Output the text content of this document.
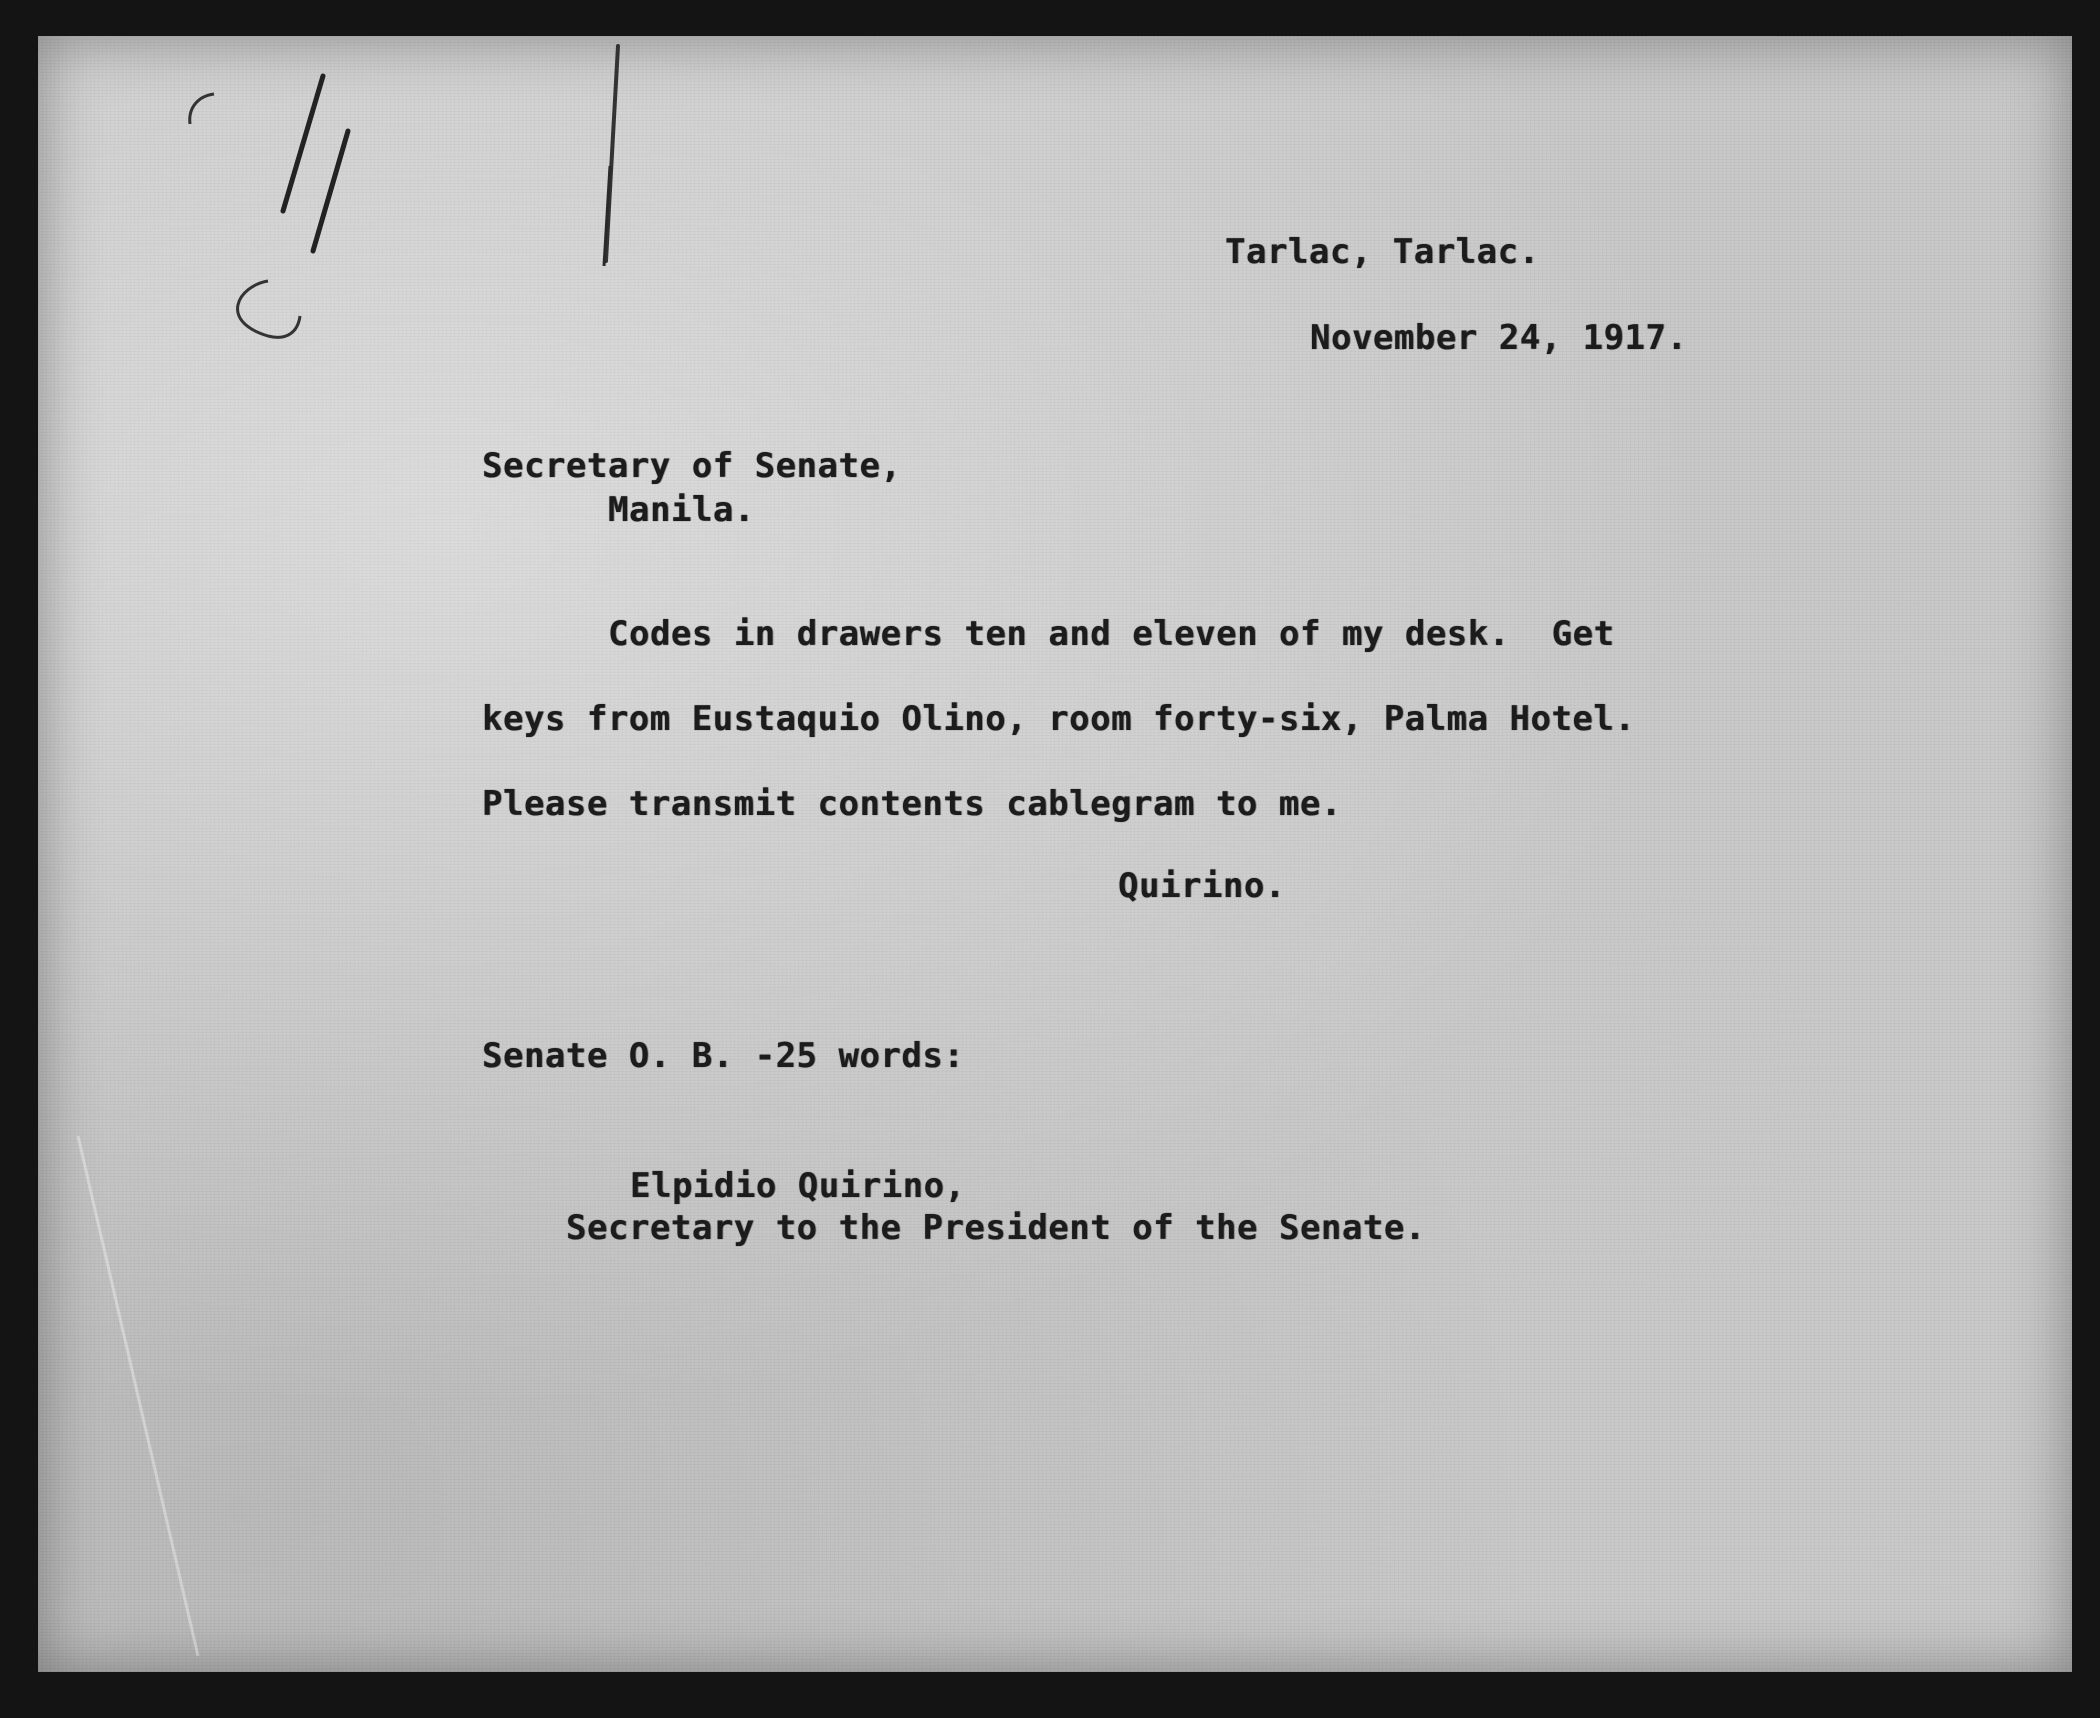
Tarlac, Tarlac.
November 24, 1917.
Secretary of Senate,
Manila.
Codes in drawers ten and eleven of my desk.  Get
keys from Eustaquio Olino, room forty-six, Palma Hotel.
Please transmit contents cablegram to me.
Quirino.
Senate O. B. -25 words:
Elpidio Quirino,
Secretary to the President of the Senate.
